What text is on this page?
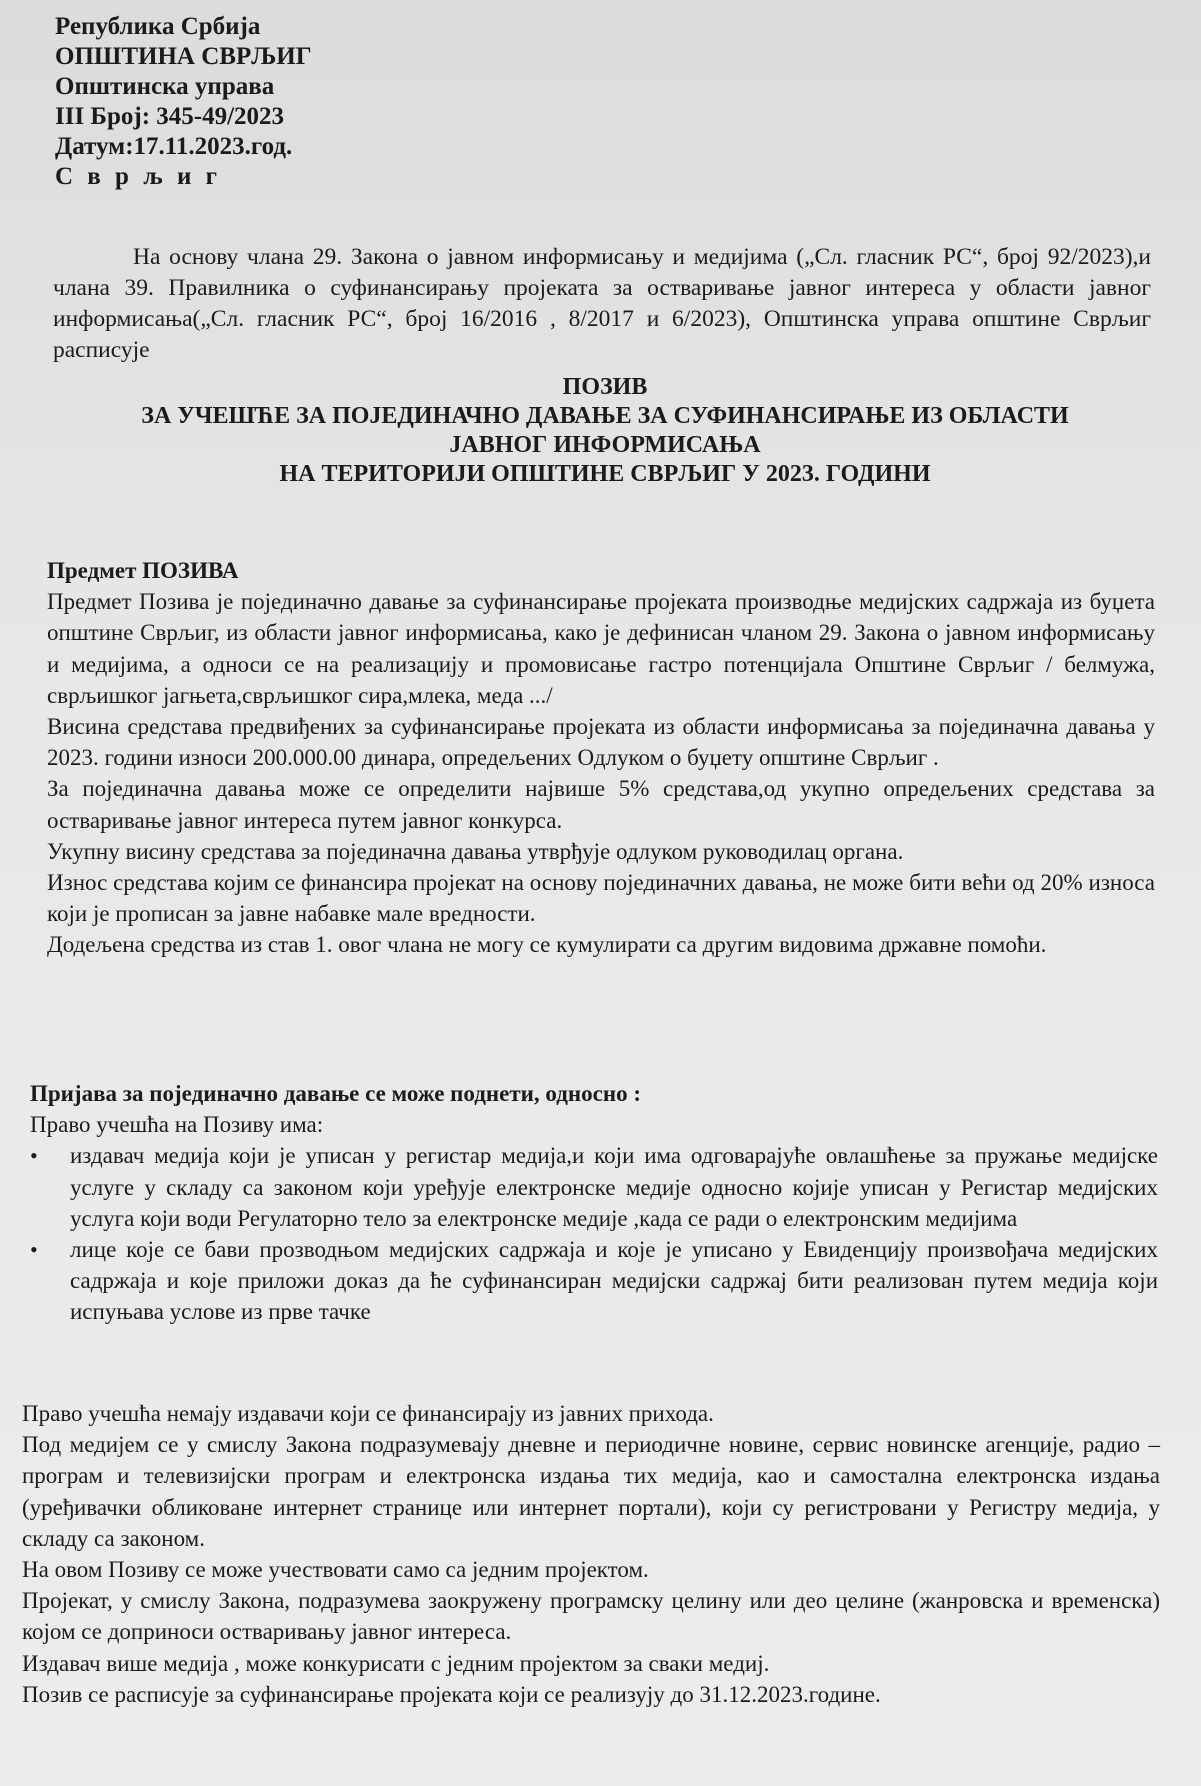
Република Србија
ОПШТИНА СВРЉИГ
Општинска управа
III Број: 345-49/2023
Датум:17.11.2023.год.
С в р љ и г

На основу члана 29. Закона о јавном информисању и медијима („Сл. гласник РС“, број 92/2023),и члана 39. Правилника о суфинансирању пројеката за остваривање јавног интереса у области јавног информисања(„Сл. гласник РС“, број 16/2016 , 8/2017 и 6/2023), Општинска управа општине Сврљиг расписује

ПОЗИВ
ЗА УЧЕШЋЕ ЗА ПОЈЕДИНАЧНО ДАВАЊЕ ЗА СУФИНАНСИРАЊЕ ИЗ ОБЛАСТИ
ЈАВНОГ ИНФОРМИСАЊА
НА ТЕРИТОРИЈИ ОПШТИНЕ СВРЉИГ У 2023. ГОДИНИ

Предмет ПОЗИВА

Предмет Позива је појединачно давање за суфинансирање пројеката производње медијских садржаја из буџета општине Сврљиг, из области јавног информисања, како је дефинисан чланом 29. Закона о јавном информисању и медијима, а односи се на реализацију и промовисање гастро потенцијала Општине Сврљиг / белмужа, сврљишког јагњета,сврљишког сира,млека, меда .../

Висина средстава предвиђених за суфинансирање пројеката из области информисања за појединачна давања у 2023. години износи 200.000.00 динара, опредељених Одлуком о буџету општине Сврљиг .

За појединачна давања може се определити највише 5% средстава,од укупно опредељених средстава за остваривање јавног интереса путем јавног конкурса.

Укупну висину средстава за појединачна давања утврђује одлуком руководилац органа.

Износ средстава којим се финансира пројекат на основу појединачних давања, не може бити већи од 20% износа који је прописан за јавне набавке мале вредности.

Додељена средства из став 1. овог члана не могу се кумулирати са другим видовима државне помоћи.

Пријава за појединачно давање се може поднети, односно :

Право учешћа на Позиву има:

• издавач медија који је уписан у регистар медија,и који има одговарајуће овлашћење за пружање медијске услуге у складу са законом који уређује електронске медије односно којије уписан у Регистар медијских услуга који води Регулаторно тело за електронске медије ,када се ради о електронским медијима
• лице које се бави прозводњом медијских садржаја и које је уписано у Евиденцију произвођача медијских садржаја и које приложи доказ да ће суфинансиран медијски садржај бити реализован путем медија који испуњава услове из прве тачке

Право учешћа немају издавачи који се финансирају из јавних прихода.

Под медијем се у смислу Закона подразумевају дневне и периодичне новине, сервис новинске агенције, радио – програм и телевизијски програм и електронска издања тих медија, као и самостална електронска издања (уређивачки обликоване интернет странице или интернет портали), који су регистровани у Регистру медија, у складу са законом.

На овом Позиву се може учествовати само са једним пројектом.

Пројекат, у смислу Закона, подразумева заокружену програмску целину или део целине (жанровска и временска) којом се доприноси остваривању јавног интереса.

Издавач више медија , може конкурисати с једним пројектом за сваки медиј.

Позив се расписује за суфинансирање пројеката који се реализују до 31.12.2023.године.
